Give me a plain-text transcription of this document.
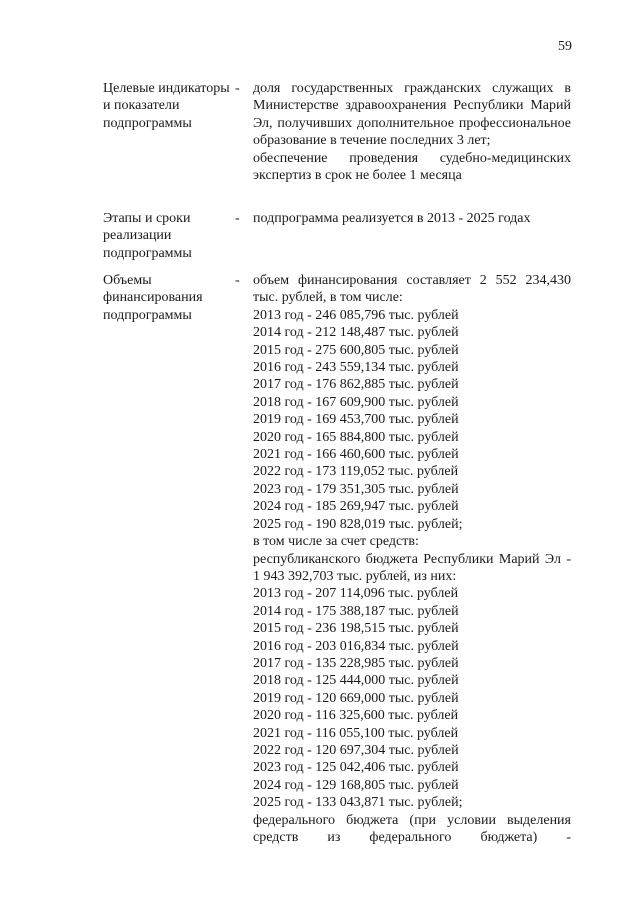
59
Целевые индикаторы и показатели подпрограммы
- доля государственных гражданских служащих в Министерстве здравоохранения Республики Марий Эл, получивших дополнительное профессиональное образование в течение последних 3 лет;

обеспечение проведения судебно-медицинских экспертиз в срок не более 1 месяца

Этапы и сроки реализации подпрограммы
- подпрограмма реализуется в 2013 - 2025 годах

Объемы финансирования подпрограммы
- объем финансирования составляет 2 552 234,430 тыс. рублей, в том числе:

2013 год - 246 085,796 тыс. рублей
2014 год - 212 148,487 тыс. рублей
2015 год - 275 600,805 тыс. рублей
2016 год - 243 559,134 тыс. рублей
2017 год - 176 862,885 тыс. рублей
2018 год - 167 609,900 тыс. рублей
2019 год - 169 453,700 тыс. рублей
2020 год - 165 884,800 тыс. рублей
2021 год - 166 460,600 тыс. рублей
2022 год - 173 119,052 тыс. рублей
2023 год - 179 351,305 тыс. рублей
2024 год - 185 269,947 тыс. рублей
2025 год - 190 828,019 тыс. рублей;

в том числе за счет средств:

республиканского бюджета Республики Марий Эл - 1 943 392,703 тыс. рублей, из них:

2013 год - 207 114,096 тыс. рублей
2014 год - 175 388,187 тыс. рублей
2015 год - 236 198,515 тыс. рублей
2016 год - 203 016,834 тыс. рублей
2017 год - 135 228,985 тыс. рублей
2018 год - 125 444,000 тыс. рублей
2019 год - 120 669,000 тыс. рублей
2020 год - 116 325,600 тыс. рублей
2021 год - 116 055,100 тыс. рублей
2022 год - 120 697,304 тыс. рублей
2023 год - 125 042,406 тыс. рублей
2024 год - 129 168,805 тыс. рублей
2025 год - 133 043,871 тыс. рублей;

федерального бюджета (при условии выделения средств из федерального бюджета) -
